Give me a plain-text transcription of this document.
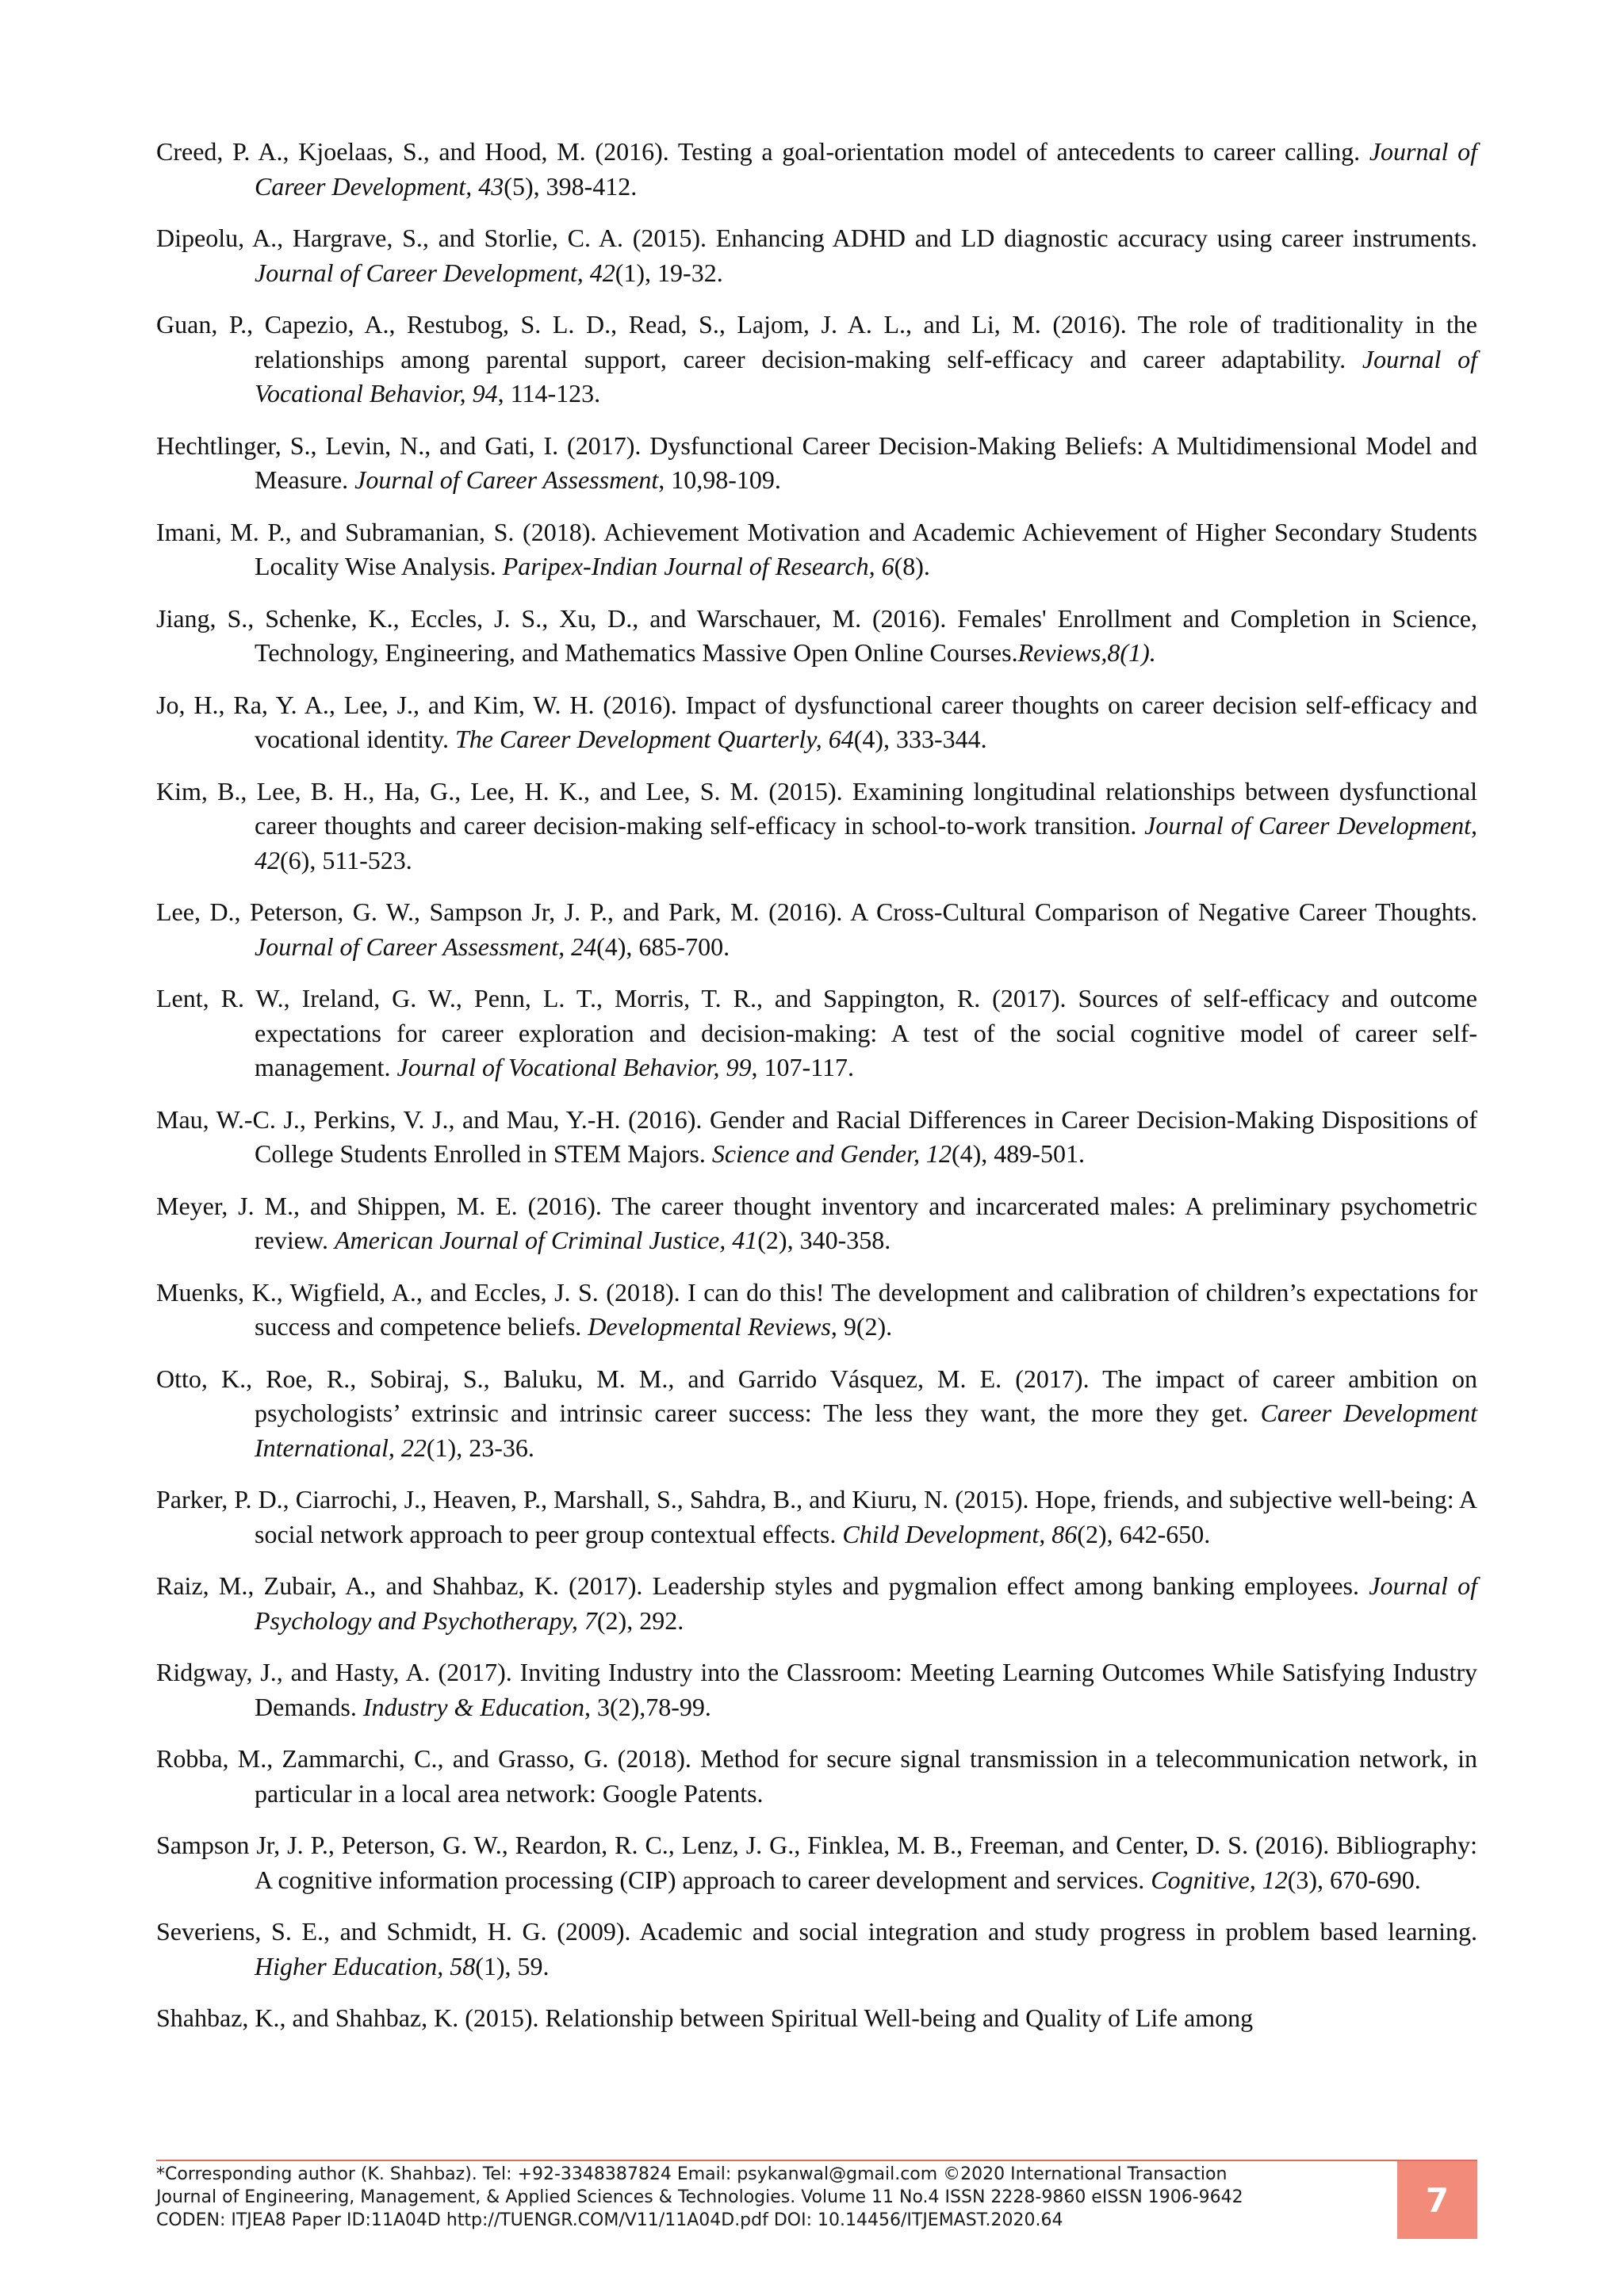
Creed, P. A., Kjoelaas, S., and Hood, M. (2016). Testing a goal-orientation model of antecedents to career calling. Journal of Career Development, 43(5), 398-412.

Dipeolu, A., Hargrave, S., and Storlie, C. A. (2015). Enhancing ADHD and LD diagnostic accuracy using career instruments. Journal of Career Development, 42(1), 19-32.

Guan, P., Capezio, A., Restubog, S. L. D., Read, S., Lajom, J. A. L., and Li, M. (2016). The role of traditionality in the relationships among parental support, career decision-making self-efficacy and career adaptability. Journal of Vocational Behavior, 94, 114-123.

Hechtlinger, S., Levin, N., and Gati, I. (2017). Dysfunctional Career Decision-Making Beliefs: A Multidimensional Model and Measure. Journal of Career Assessment, 10,98-109.

Imani, M. P., and Subramanian, S. (2018). Achievement Motivation and Academic Achievement of Higher Secondary Students Locality Wise Analysis. Paripex-Indian Journal of Research, 6(8).

Jiang, S., Schenke, K., Eccles, J. S., Xu, D., and Warschauer, M. (2016). Females' Enrollment and Completion in Science, Technology, Engineering, and Mathematics Massive Open Online Courses.Reviews,8(1).

Jo, H., Ra, Y. A., Lee, J., and Kim, W. H. (2016). Impact of dysfunctional career thoughts on career decision self-efficacy and vocational identity. The Career Development Quarterly, 64(4), 333-344.

Kim, B., Lee, B. H., Ha, G., Lee, H. K., and Lee, S. M. (2015). Examining longitudinal relationships between dysfunctional career thoughts and career decision-making self-efficacy in school-to-work transition. Journal of Career Development, 42(6), 511-523.

Lee, D., Peterson, G. W., Sampson Jr, J. P., and Park, M. (2016). A Cross-Cultural Comparison of Negative Career Thoughts. Journal of Career Assessment, 24(4), 685-700.

Lent, R. W., Ireland, G. W., Penn, L. T., Morris, T. R., and Sappington, R. (2017). Sources of self-efficacy and outcome expectations for career exploration and decision-making: A test of the social cognitive model of career self-management. Journal of Vocational Behavior, 99, 107-117.

Mau, W.-C. J., Perkins, V. J., and Mau, Y.-H. (2016). Gender and Racial Differences in Career Decision-Making Dispositions of College Students Enrolled in STEM Majors. Science and Gender, 12(4), 489-501.

Meyer, J. M., and Shippen, M. E. (2016). The career thought inventory and incarcerated males: A preliminary psychometric review. American Journal of Criminal Justice, 41(2), 340-358.

Muenks, K., Wigfield, A., and Eccles, J. S. (2018). I can do this! The development and calibration of children’s expectations for success and competence beliefs. Developmental Reviews, 9(2).

Otto, K., Roe, R., Sobiraj, S., Baluku, M. M., and Garrido Vásquez, M. E. (2017). The impact of career ambition on psychologists’ extrinsic and intrinsic career success: The less they want, the more they get. Career Development International, 22(1), 23-36.

Parker, P. D., Ciarrochi, J., Heaven, P., Marshall, S., Sahdra, B., and Kiuru, N. (2015). Hope, friends, and subjective well-being: A social network approach to peer group contextual effects. Child Development, 86(2), 642-650.

Raiz, M., Zubair, A., and Shahbaz, K. (2017). Leadership styles and pygmalion effect among banking employees. Journal of Psychology and Psychotherapy, 7(2), 292.

Ridgway, J., and Hasty, A. (2017). Inviting Industry into the Classroom: Meeting Learning Outcomes While Satisfying Industry Demands. Industry & Education, 3(2),78-99.

Robba, M., Zammarchi, C., and Grasso, G. (2018). Method for secure signal transmission in a telecommunication network, in particular in a local area network: Google Patents.

Sampson Jr, J. P., Peterson, G. W., Reardon, R. C., Lenz, J. G., Finklea, M. B., Freeman, and Center, D. S. (2016). Bibliography: A cognitive information processing (CIP) approach to career development and services. Cognitive, 12(3), 670-690.

Severiens, S. E., and Schmidt, H. G. (2009). Academic and social integration and study progress in problem based learning. Higher Education, 58(1), 59.

Shahbaz, K., and Shahbaz, K. (2015). Relationship between Spiritual Well-being and Quality of Life among

*Corresponding author (K. Shahbaz). Tel: +92-3348387824 Email: psykanwal@gmail.com ©2020 International Transaction
Journal of Engineering, Management, & Applied Sciences & Technologies. Volume 11 No.4 ISSN 2228-9860 eISSN 1906-9642
CODEN: ITJEA8 Paper ID:11A04D http://TUENGR.COM/V11/11A04D.pdf DOI: 10.14456/ITJEMAST.2020.64
7
